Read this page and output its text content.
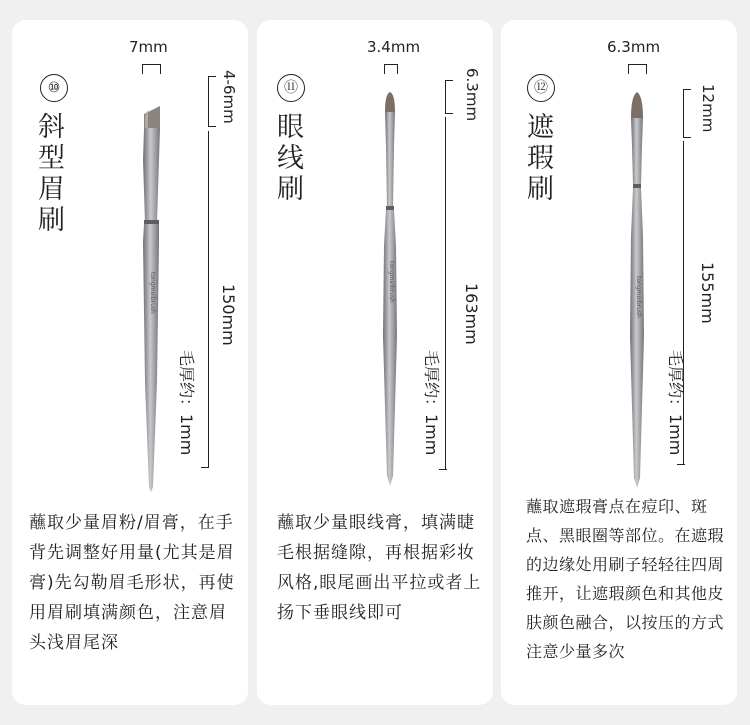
7mm
⑩
斜型眉刷
tongmeibrush
4-6mm
150mm
毛厚约：1mm
蘸取少量眉粉/眉膏，在手背先调整好用量(尤其是眉膏)先勾勒眉毛形状，再使用眉刷填满颜色，注意眉头浅眉尾深
3.4mm
⑪
眼线刷
tongmeibrush
6.3mm
163mm
毛厚约：1mm
蘸取少量眼线膏，填满睫毛根据缝隙，再根据彩妆风格,眼尾画出平拉或者上扬下垂眼线即可
6.3mm
⑫
遮瑕刷
tongmeibrush
12mm
155mm
毛厚约：1mm
蘸取遮瑕膏点在痘印、斑点、黑眼圈等部位。在遮瑕的边缘处用刷子轻轻往四周推开，让遮瑕颜色和其他皮肤颜色融合，以按压的方式　注意少量多次
